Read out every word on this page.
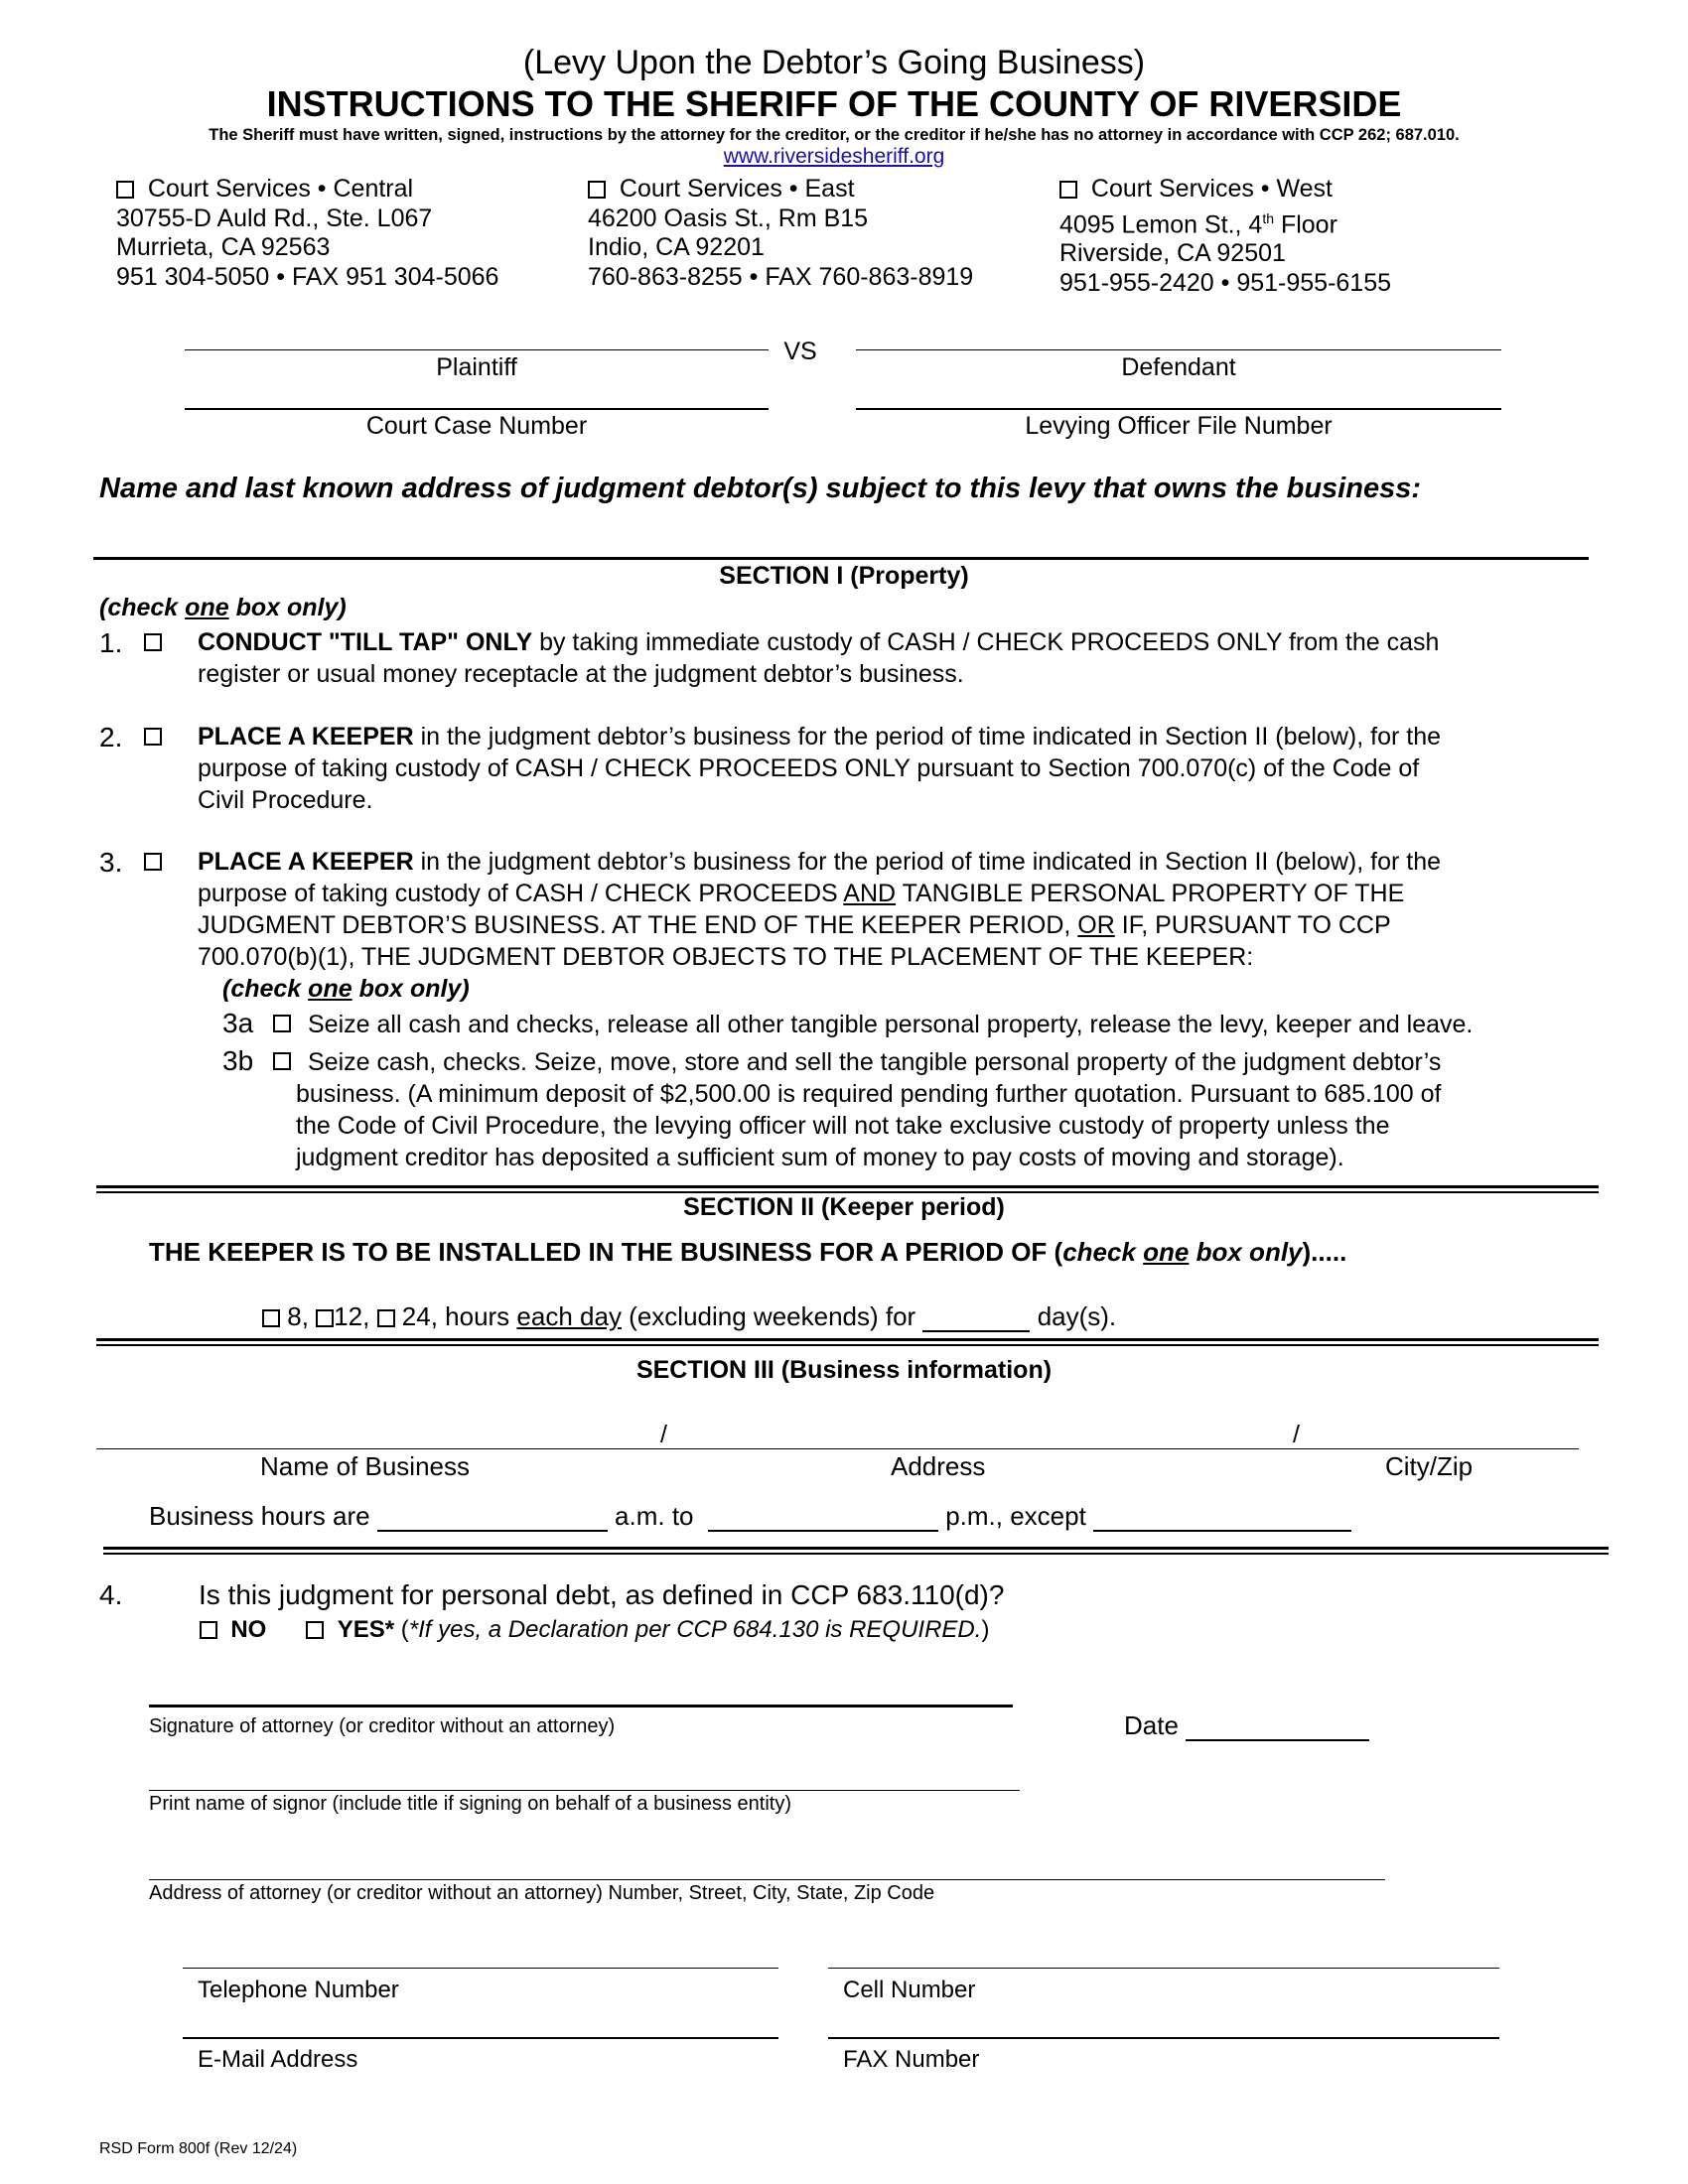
(Levy Upon the Debtor’s Going Business)
INSTRUCTIONS TO THE SHERIFF OF THE COUNTY OF RIVERSIDE
The Sheriff must have written, signed, instructions by the attorney for the creditor, or the creditor if he/she has no attorney in accordance with CCP 262; 687.010.
www.riversidesheriff.org
Court Services • Central
30755-D Auld Rd., Ste. L067
Murrieta, CA 92563
951 304-5050 • FAX 951 304-5066
Court Services • East
46200 Oasis St., Rm B15
Indio, CA 92201
760-863-8255 • FAX 760-863-8919
Court Services • West
4095 Lemon St., 4th Floor
Riverside, CA 92501
951-955-2420 • 951-955-6155
VS
Plaintiff	Defendant
Court Case Number	Levying Officer File Number
Name and last known address of judgment debtor(s) subject to this levy that owns the business:
SECTION I (Property)
(check one box only)
1.	CONDUCT "TILL TAP" ONLY by taking immediate custody of CASH / CHECK PROCEEDS ONLY from the cash
register or usual money receptacle at the judgment debtor’s business.
2.	PLACE A KEEPER in the judgment debtor’s business for the period of time indicated in Section II (below), for the
purpose of taking custody of CASH / CHECK PROCEEDS ONLY pursuant to Section 700.070(c) of the Code of
Civil Procedure.
3.	PLACE A KEEPER in the judgment debtor’s business for the period of time indicated in Section II (below), for the
purpose of taking custody of CASH / CHECK PROCEEDS AND TANGIBLE PERSONAL PROPERTY OF THE
JUDGMENT DEBTOR’S BUSINESS. AT THE END OF THE KEEPER PERIOD, OR IF, PURSUANT TO CCP
700.070(b)(1), THE JUDGMENT DEBTOR OBJECTS TO THE PLACEMENT OF THE KEEPER:
(check one box only)
3a Seize all cash and checks, release all other tangible personal property, release the levy, keeper and leave.
3b Seize cash, checks. Seize, move, store and sell the tangible personal property of the judgment debtor’s
business. (A minimum deposit of $2,500.00 is required pending further quotation. Pursuant to 685.100 of
the Code of Civil Procedure, the levying officer will not take exclusive custody of property unless the
judgment creditor has deposited a sufficient sum of money to pay costs of moving and storage).
SECTION II (Keeper period)
THE KEEPER IS TO BE INSTALLED IN THE BUSINESS FOR A PERIOD OF (check one box only).....
8, 12, 24, hours each day (excluding weekends) for	day(s).
SECTION III (Business information)
/	/
Name of Business	Address	City/Zip
Business hours are	a.m. to	p.m., except
4.	Is this judgment for personal debt, as defined in CCP 683.110(d)?
NO	YES* (*If yes, a Declaration per CCP 684.130 is REQUIRED.)
Signature of attorney (or creditor without an attorney)	Date
Print name of signor (include title if signing on behalf of a business entity)
Address of attorney (or creditor without an attorney) Number, Street, City, State, Zip Code
Telephone Number	Cell Number
E-Mail Address	FAX Number
RSD Form 800f (Rev 12/24)
